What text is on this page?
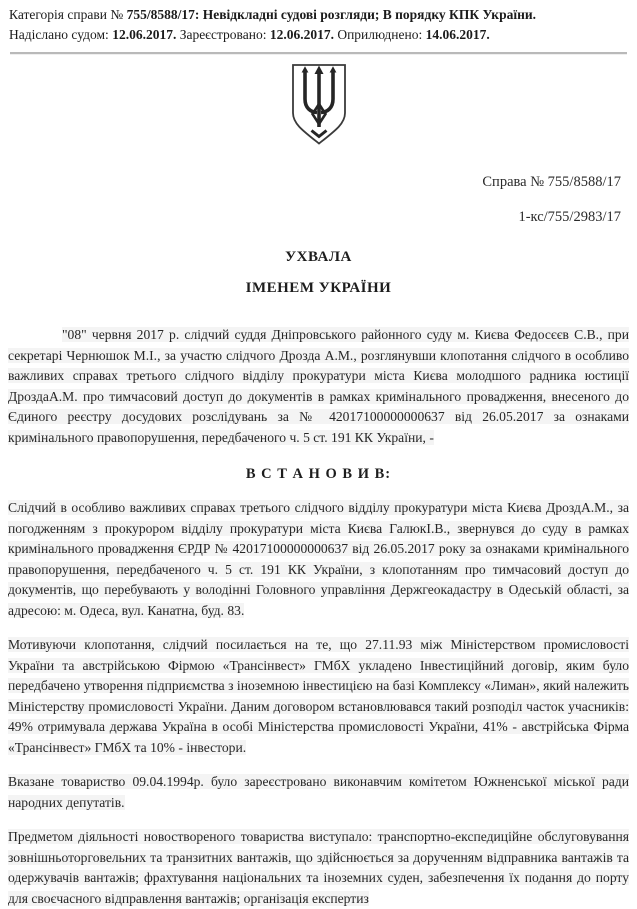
Категорія справи № 755/8588/17: Невідкладні судові розгляди; В порядку КПК України.
Надіслано судом: 12.06.2017. Зареєстровано: 12.06.2017. Оприлюднено: 14.06.2017.

Справа № 755/8588/17

1-кс/755/2983/17

УХВАЛА
ІМЕНЕМ УКРАЇНИ

"08" червня 2017 р. слідчий суддя Дніпровського районного суду м. Києва Федосєєв С.В., при секретарі Чернюшок М.І., за участю слідчого Дрозда А.М., розглянувши клопотання слідчого в особливо важливих справах третього слідчого відділу прокуратури міста Києва молодшого радника юстиції ДроздаА.М. про тимчасовий доступ до документів в рамках кримінального провадження, внесеного до Єдиного реєстру досудових розслідувань за № 42017100000000637 від 26.05.2017 за ознаками кримінального правопорушення, передбаченого ч. 5 ст. 191 КК України, -

В С Т А Н О В И В:

Слідчий в особливо важливих справах третього слідчого відділу прокуратури міста Києва ДроздА.М., за погодженням з прокурором відділу прокуратури міста Києва ГалюкІ.В., звернувся до суду в рамках кримінального провадження ЄРДР № 42017100000000637 від 26.05.2017 року за ознаками кримінального правопорушення, передбаченого ч. 5 ст. 191 КК України, з клопотанням про тимчасовий доступ до документів, що перебувають у володінні Головного управління Держгеокадастру в Одеській області, за адресою: м. Одеса, вул. Канатна, буд. 83.

Мотивуючи клопотання, слідчий посилається на те, що 27.11.93 між Міністерством промисловості України та австрійською Фірмою «Трансінвест» ГМбХ укладено Інвестиційний договір, яким було передбачено утворення підприємства з іноземною інвестицією на базі Комплексу «Лиман», який належить Міністерству промисловості України. Даним договором встановлювався такий розподіл часток учасників: 49% отримувала держава Україна в особі Міністерства промисловості України, 41% - австрійська Фірма «Трансінвест» ГМбХ та 10% - інвестори.

Вказане товариство 09.04.1994р. було зареєстровано виконавчим комітетом Южненської міської ради народних депутатів.

Предметом діяльності новоствореного товариства виступало: транспортно-експедиційне обслуговування зовнішньоторговельних та транзитних вантажів, що здійснюється за дорученням відправника вантажів та одержувачів вантажів; фрахтування національних та іноземних суден, забезпечення їх подання до порту для своєчасного відправлення вантажів; організація експертиз
